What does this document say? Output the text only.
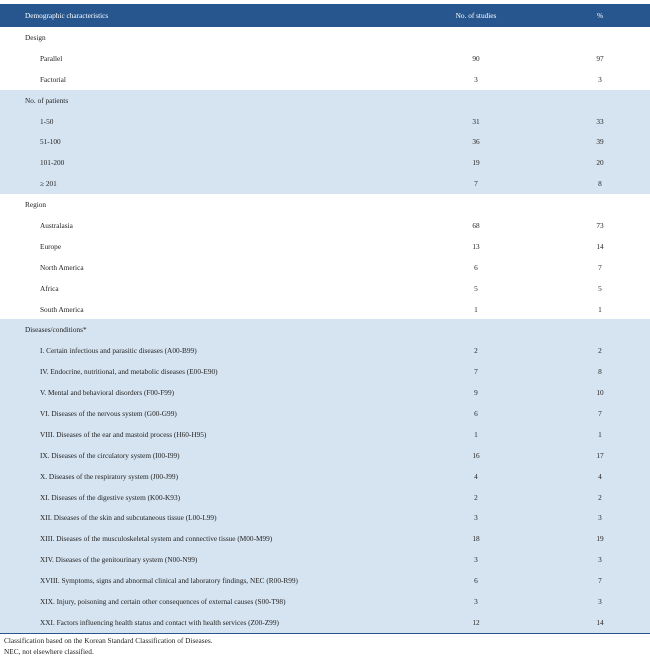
Demographic characteristics	No. of studies	%
Design		
Parallel	90	97
Factorial	3	3
No. of patients		
1-50	31	33
51-100	36	39
101-200	19	20
≥ 201	7	8
Region		
Australasia	68	73
Europe	13	14
North America	6	7
Africa	5	5
South America	1	1
Diseases/conditions*		
I. Certain infectious and parasitic diseases (A00-B99)	2	2
IV. Endocrine, nutritional, and metabolic diseases (E00-E90)	7	8
V. Mental and behavioral disorders (F00-F99)	9	10
VI. Diseases of the nervous system (G00-G99)	6	7
VIII. Diseases of the ear and mastoid process (H60-H95)	1	1
IX. Diseases of the circulatory system (I00-I99)	16	17
X. Diseases of the respiratory system (J00-J99)	4	4
XI. Diseases of the digestive system (K00-K93)	2	2
XII. Diseases of the skin and subcutaneous tissue (L00-L99)	3	3
XIII. Diseases of the musculoskeletal system and connective tissue (M00-M99)	18	19
XIV. Diseases of the genitourinary system (N00-N99)	3	3
XVIII. Symptoms, signs and abnormal clinical and laboratory findings, NEC (R00-R99)	6	7
XIX. Injury, poisoning and certain other consequences of external causes (S00-T98)	3	3
XXI. Factors influencing health status and contact with health services (Z00-Z99)	12	14
Classification based on the Korean Standard Classification of Diseases.
NEC, not elsewhere classified.
